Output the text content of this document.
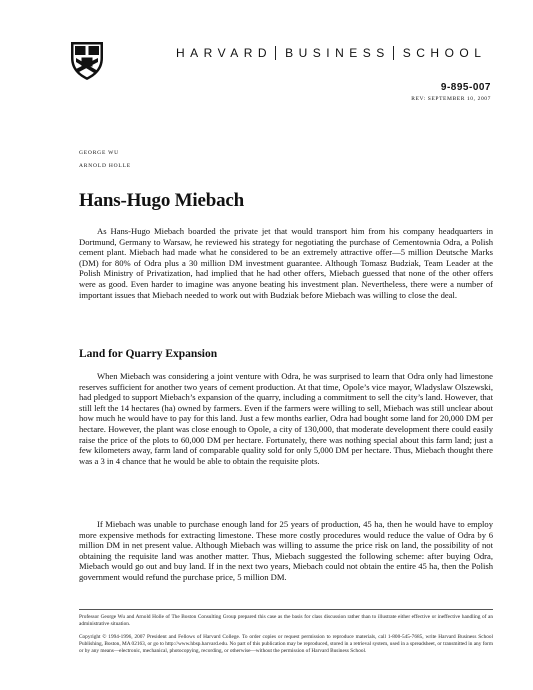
HARVARD BUSINESS SCHOOL
9-895-007
REV: SEPTEMBER 10, 2007
GEORGE WU
ARNOLD HOLLE
Hans-Hugo Miebach

As Hans-Hugo Miebach boarded the private jet that would transport him from his company headquarters in Dortmund, Germany to Warsaw, he reviewed his strategy for negotiating the purchase of Cementownia Odra, a Polish cement plant. Miebach had made what he considered to be an extremely attractive offer—5 million Deutsche Marks (DM) for 80% of Odra plus a 30 million DM investment guarantee. Although Tomasz Budziak, Team Leader at the Polish Ministry of Privatization, had implied that he had other offers, Miebach guessed that none of the other offers were as good. Even harder to imagine was anyone beating his investment plan. Nevertheless, there were a number of important issues that Miebach needed to work out with Budziak before Miebach was willing to close the deal.

Land for Quarry Expansion

When Miebach was considering a joint venture with Odra, he was surprised to learn that Odra only had limestone reserves sufficient for another two years of cement production. At that time, Opole’s vice mayor, Wladyslaw Olszewski, had pledged to support Miebach’s expansion of the quarry, including a commitment to sell the city’s land. However, that still left the 14 hectares (ha) owned by farmers. Even if the farmers were willing to sell, Miebach was still unclear about how much he would have to pay for this land. Just a few months earlier, Odra had bought some land for 20,000 DM per hectare. However, the plant was close enough to Opole, a city of 130,000, that moderate development there could easily raise the price of the plots to 60,000 DM per hectare. Fortunately, there was nothing special about this farm land; just a few kilometers away, farm land of comparable quality sold for only 5,000 DM per hectare. Thus, Miebach thought there was a 3 in 4 chance that he would be able to obtain the requisite plots.

If Miebach was unable to purchase enough land for 25 years of production, 45 ha, then he would have to employ more expensive methods for extracting limestone. These more costly procedures would reduce the value of Odra by 6 million DM in net present value. Although Miebach was willing to assume the price risk on land, the possibility of not obtaining the requisite land was another matter. Thus, Miebach suggested the following scheme: after buying Odra, Miebach would go out and buy land. If in the next two years, Miebach could not obtain the entire 45 ha, then the Polish government would refund the purchase price, 5 million DM.

Professor George Wu and Arnold Holle of The Boston Consulting Group prepared this case as the basis for class discussion rather than to illustrate either effective or ineffective handling of an administrative situation.

Copyright © 1994-1996, 2007 President and Fellows of Harvard College. To order copies or request permission to reproduce materials, call 1-800-545-7685, write Harvard Business School Publishing, Boston, MA 02163, or go to http://www.hbsp.harvard.edu. No part of this publication may be reproduced, stored in a retrieval system, used in a spreadsheet, or transmitted in any form or by any means—electronic, mechanical, photocopying, recording, or otherwise—without the permission of Harvard Business School.
